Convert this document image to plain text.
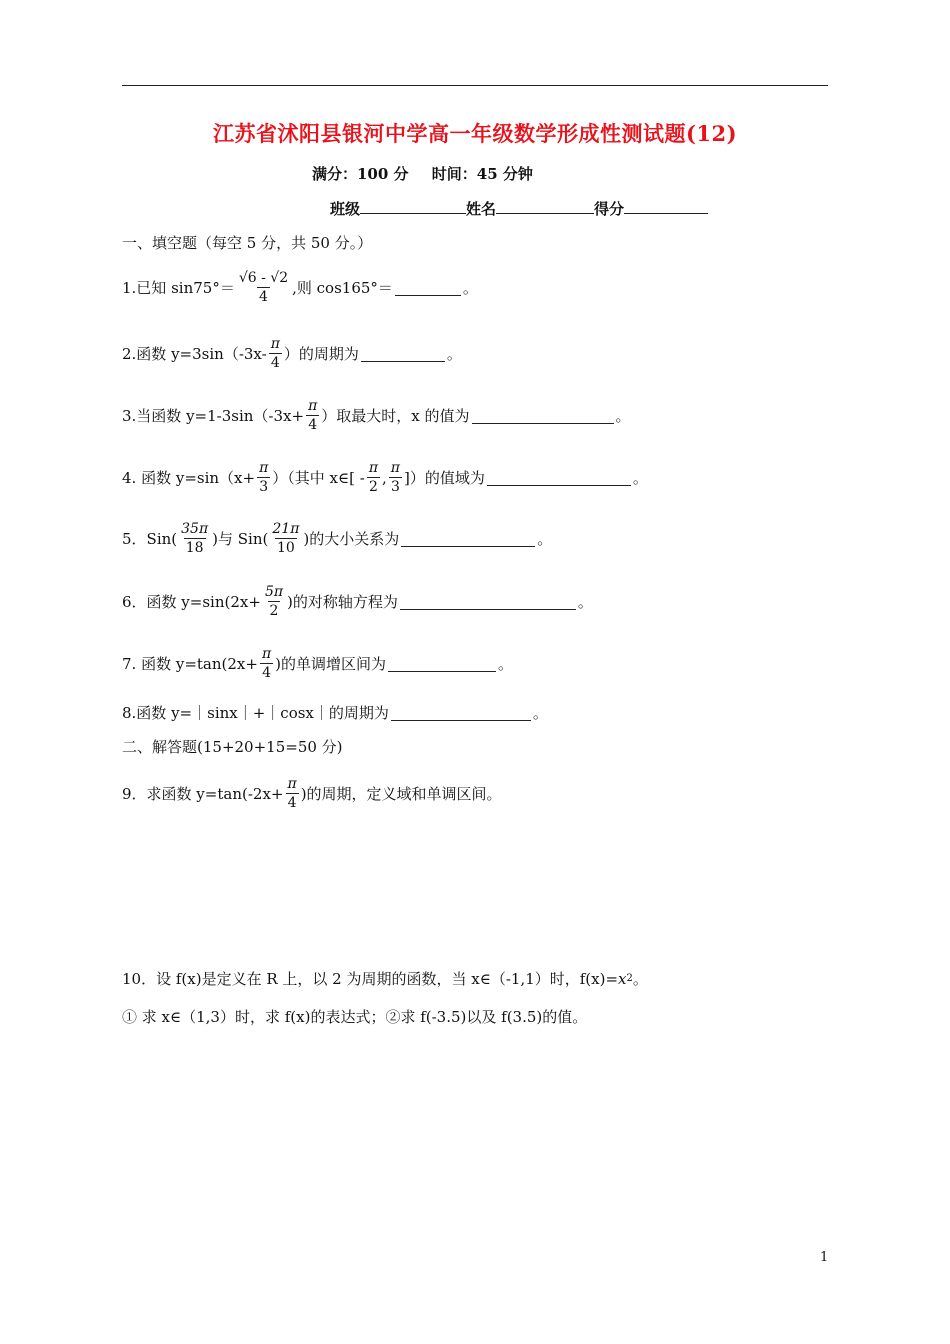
江苏省沭阳县银河中学高一年级数学形成性测试题(12)
满分：100 分 时间：45 分钟
班级	姓名	得分
一、填空题（每空 5 分，共 50 分。）
1.已知 $\sin 75^\circ= \frac{√6 - √2}{4}$ ,则 cos165°＝	。
2.函数 $y=3\sin(-3x- \frac{\pi}{4}$ ）的周期为	。
3.当函数 $y=1-3\sin(-3x+ \frac{\pi}{4}$ ）取最大时，x 的值为	。
4. 函数 $y=\sin(x+ \frac{\pi}{3}$ ）（其中 x∈[ - $\frac{\pi}{2}$ , $\frac{\pi}{3}$ ]）的值域为	。
5．$Sin( \frac{35\pi}{18}$ )与 $Sin( \frac{21\pi}{10}$ )的大小关系为	。
6．函数 $y=\sin(2x+ \frac{5\pi}{2}$ )的对称轴方程为	。
7. 函数 $y=\tan(2x+ \frac{\pi}{4}$ )的单调增区间为	。
8.函数 y=｜sinx｜+｜cosx｜的周期为	。
二、解答题(15+20+15=50 分)
9．求函数 $y=\tan(-2x+ \frac{\pi}{4}$ )的周期，定义域和单调区间。
10．设 f(x)是定义在 R 上，以 2 为周期的函数，当 x∈（-1,1）时，f(x)= x 2 。
① 求 x∈（1,3）时，求 f(x)的表达式；②求 f(-3.5)以及 f(3.5)的值。
1
